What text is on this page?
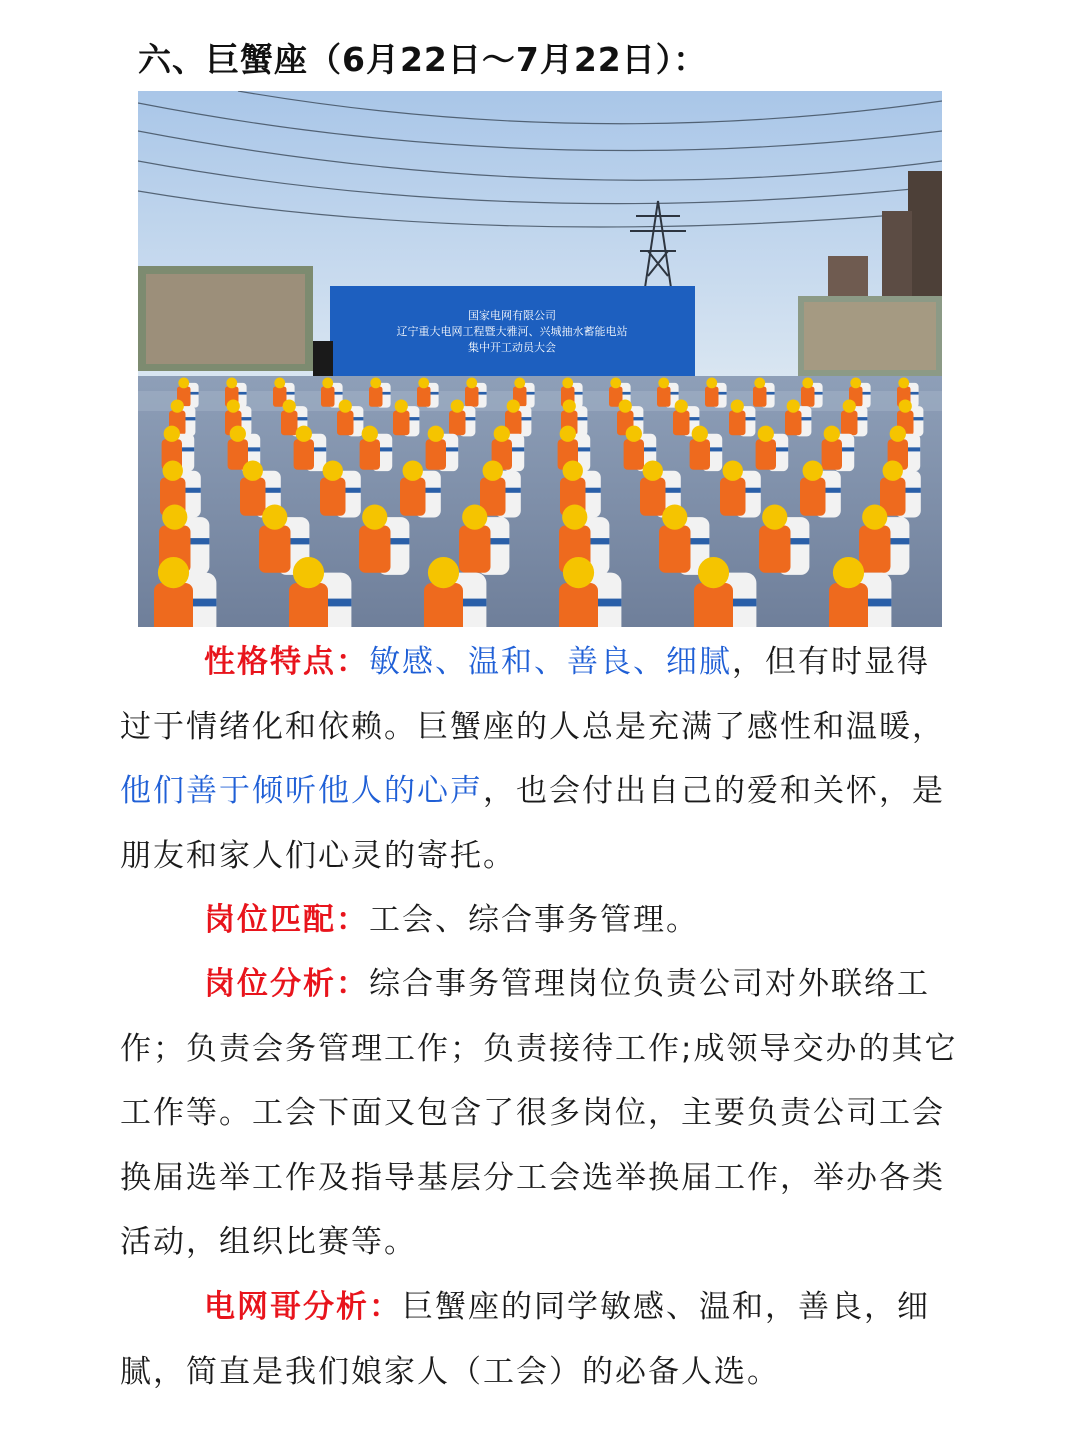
六、巨蟹座（6月22日～7月22日）：
国家电网有限公司
辽宁重大电网工程暨大雅河、兴城抽水蓄能电站
集中开工动员大会

性格特点：敏感、温和、善良、细腻，但有时显得过于情绪化和依赖。巨蟹座的人总是充满了感性和温暖，他们善于倾听他人的心声，也会付出自己的爱和关怀，是朋友和家人们心灵的寄托。

岗位匹配：工会、综合事务管理。

岗位分析：综合事务管理岗位负责公司对外联络工作；负责会务管理工作；负责接待工作;成领导交办的其它工作等。工会下面又包含了很多岗位，主要负责公司工会换届选举工作及指导基层分工会选举换届工作，举办各类活动，组织比赛等。

电网哥分析：巨蟹座的同学敏感、温和，善良，细腻，简直是我们娘家人（工会）的必备人选。
